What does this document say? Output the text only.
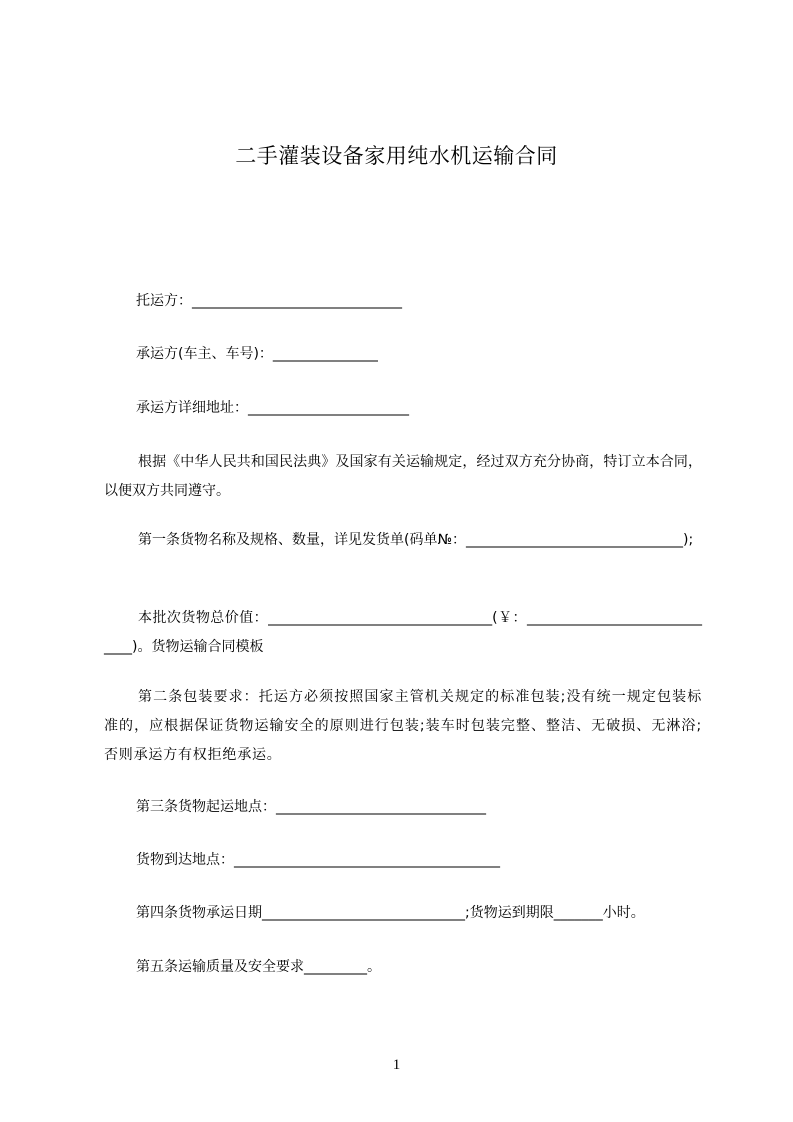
二手灌装设备家用纯水机运输合同
托运方：______________________________
承运方(车主、车号)：_______________
承运方详细地址：_______________________
根据《中华人民共和国民法典》及国家有关运输规定，经过双方充分协商，特订立本合同，以便双方共同遵守。
第一条货物名称及规格、数量，详见发货单(码单№：_______________________________);
本批次货物总价值：________________________________(￥：_____________________________)。货物运输合同模板
第二条包装要求：托运方必须按照国家主管机关规定的标准包装;没有统一规定包装标准的，应根据保证货物运输安全的原则进行包装;装车时包装完整、整洁、无破损、无淋浴;否则承运方有权拒绝承运。
第三条货物起运地点：______________________________
货物到达地点：______________________________________
第四条货物承运日期_____________________________;货物运到期限_______小时。
第五条运输质量及安全要求_________。
1
